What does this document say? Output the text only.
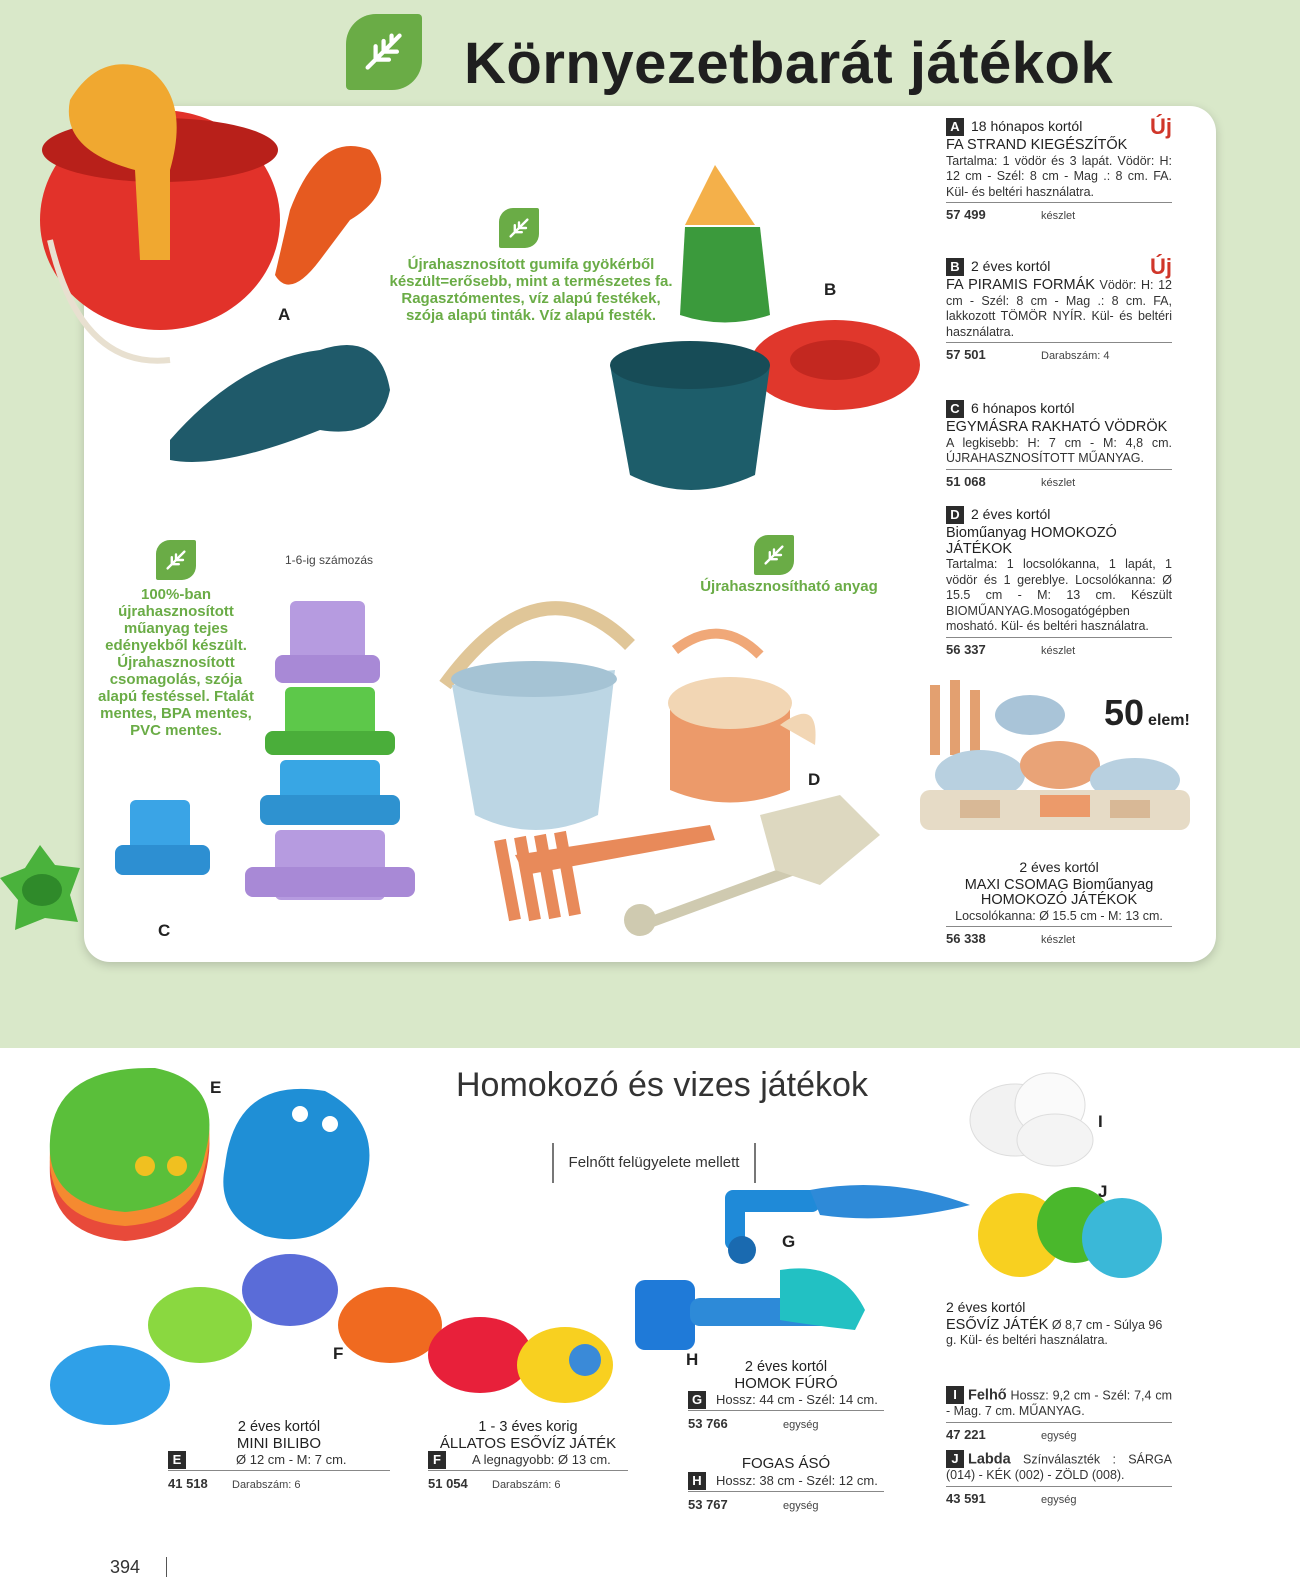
Környezetbarát játékok
50 elem!
Újrahasznosított gumifa gyökérből készült=erősebb, mint a természetes fa. Ragasztómentes, víz alapú festékek, szója alapú tinták. Víz alapú festék.
100%-ban újrahasznosított műanyag tejes edényekből készült. Újrahasznosított csomagolás, szója alapú festéssel. Ftalát mentes, BPA mentes, PVC mentes.
Újrahasznosítható anyag
1-6-ig számozás
A
B
C
D
A 18 hónapos kortól	Új
FA STRAND KIEGÉSZÍTŐK
Tartalma: 1 vödör és 3 lapát. Vödör: H: 12 cm - Szél: 8 cm - Mag .: 8 cm. FA. Kül- és beltéri használatra.
57 499	készlet
B 2 éves kortól	Új
FA PIRAMIS FORMÁK Vödör: H: 12 cm - Szél: 8 cm - Mag .: 8 cm. FA, lakkozott TÖMÖR NYÍR. Kül- és beltéri használatra.
57 501	Darabszám: 4
C 6 hónapos kortól
EGYMÁSRA RAKHATÓ VÖDRÖK
A legkisebb: H: 7 cm - M: 4,8 cm. ÚJRAHASZNOSÍTOTT MŰANYAG.
51 068	készlet
D 2 éves kortól
Bioműanyag HOMOKOZÓ JÁTÉKOK
Tartalma: 1 locsolókanna, 1 lapát, 1 vödör és 1 gereblye. Locsolókanna: Ø 15.5 cm - M: 13 cm. Készült BIOMŰANYAG.Mosogatógépben mosható. Kül- és beltéri használatra.
56 337	készlet
2 éves kortól
MAXI CSOMAG Bioműanyag HOMOKOZÓ JÁTÉKOK
Locsolókanna: Ø 15.5 cm - M: 13 cm.
56 338	készlet
Homokozó és vizes játékok
Felnőtt felügyelete mellett
E
F
G
H
I
J
2 éves kortól
MINI BILIBO
E	Ø 12 cm - M: 7 cm.
41 518	Darabszám: 6
1 - 3 éves korig
ÁLLATOS ESŐVÍZ JÁTÉK
F	A legnagyobb: Ø 13 cm.
51 054	Darabszám: 6
2 éves kortól
HOMOK FÚRÓ
G	Hossz: 44 cm - Szél: 14 cm.
53 766	egység
FOGAS ÁSÓ
H	Hossz: 38 cm - Szél: 12 cm.
53 767	egység
2 éves kortól
ESŐVÍZ JÁTÉK Ø 8,7 cm - Súlya 96 g. Kül- és beltéri használatra.
I Felhő Hossz: 9,2 cm - Szél: 7,4 cm - Mag. 7 cm. MŰANYAG.
47 221	egység
J Labda Színválaszték : SÁRGA (014) - KÉK (002) - ZÖLD (008).
43 591	egység
394
